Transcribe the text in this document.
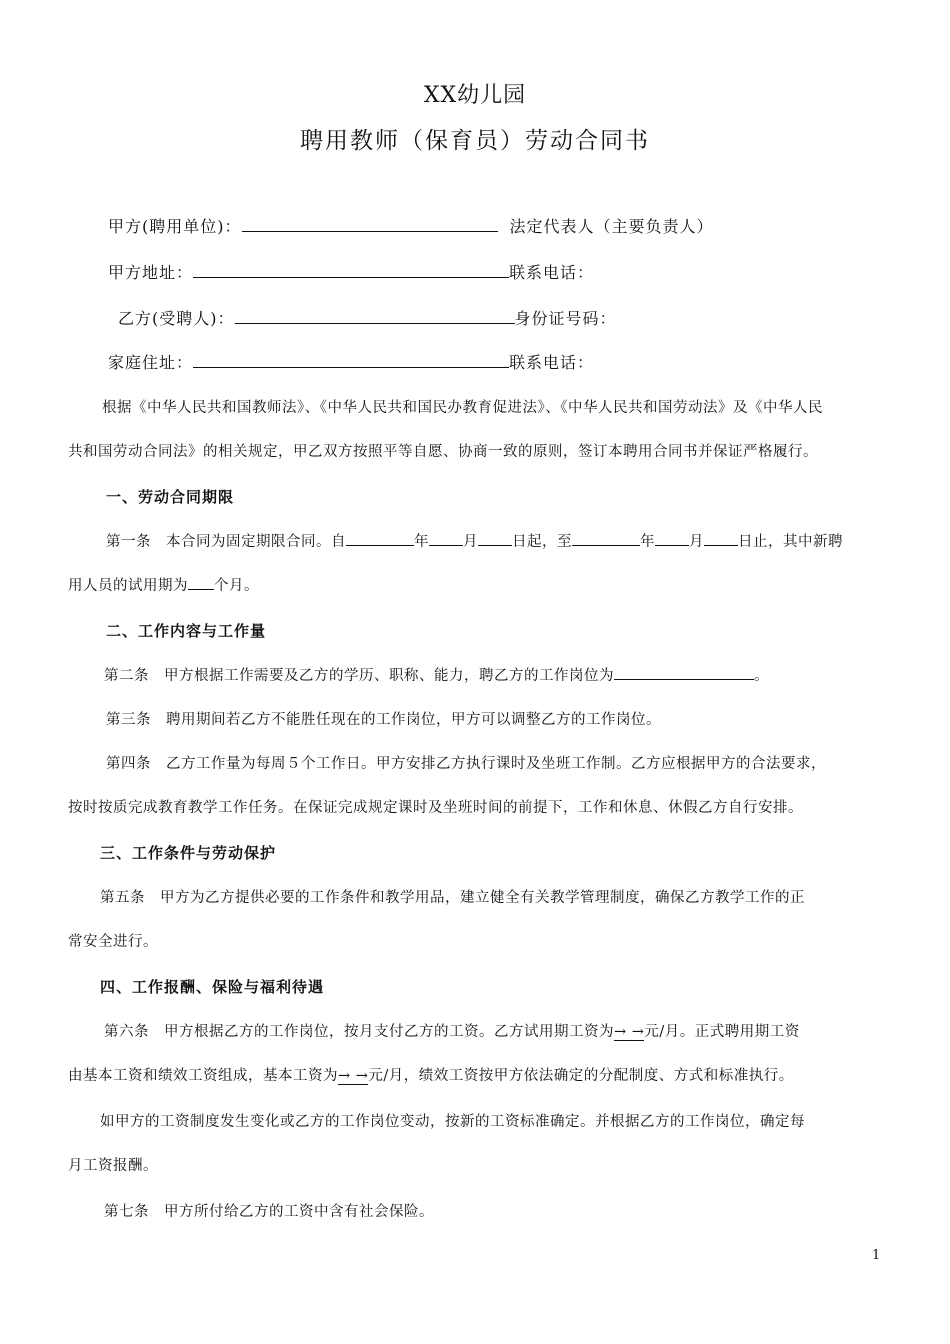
XX幼儿园
聘用教师（保育员）劳动合同书
甲方(聘用单位)：	法定代表人（主要负责人）
甲方地址：	联系电话：
乙方(受聘人)：	身份证号码：
家庭住址：	联系电话：
根据《中华人民共和国教师法》、《中华人民共和国民办教育促进法》、《中华人民共和国劳动法》及《中华人民
共和国劳动合同法》的相关规定，甲乙双方按照平等自愿、协商一致的原则，签订本聘用合同书并保证严格履行。
一、劳动合同期限
第一条　本合同为固定期限合同。自	年 月 日起，至	年 月 日止，其中新聘
用人员的试用期为 个月。
二、工作内容与工作量
第二条　甲方根据工作需要及乙方的学历、职称、能力，聘乙方的工作岗位为	。
第三条　聘用期间若乙方不能胜任现在的工作岗位，甲方可以调整乙方的工作岗位。
第四条　乙方工作量为每周５个工作日。甲方安排乙方执行课时及坐班工作制。乙方应根据甲方的合法要求，
按时按质完成教育教学工作任务。在保证完成规定课时及坐班时间的前提下，工作和休息、休假乙方自行安排。
三、工作条件与劳动保护
第五条　甲方为乙方提供必要的工作条件和教学用品，建立健全有关教学管理制度，确保乙方教学工作的正
常安全进行。
四、工作报酬、保险与福利待遇
第六条　甲方根据乙方的工作岗位，按月支付乙方的工资。乙方试用期工资为→ →元/月。正式聘用期工资
由基本工资和绩效工资组成，基本工资为→ →元/月，绩效工资按甲方依法确定的分配制度、方式和标准执行。
如甲方的工资制度发生变化或乙方的工作岗位变动，按新的工资标准确定。并根据乙方的工作岗位，确定每
月工资报酬。
第七条　甲方所付给乙方的工资中含有社会保险。
1
